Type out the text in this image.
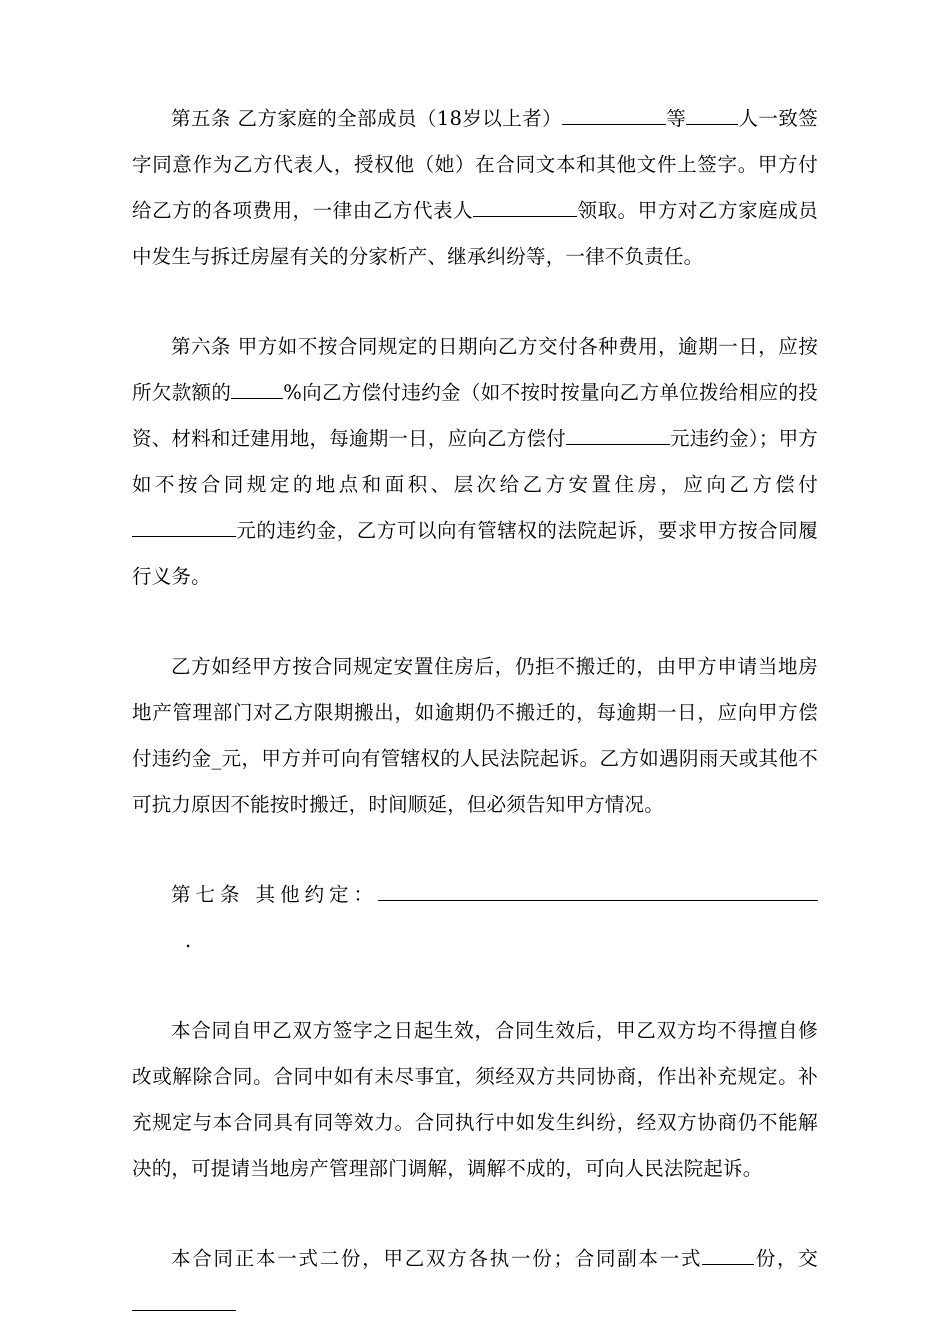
第五条 乙方家庭的全部成员（18岁以上者）	等	人一致签字同意作为乙方代表人，授权他（她）在合同文本和其他文件上签字。甲方付给乙方的各项费用，一律由乙方代表人	领取。甲方对乙方家庭成员中发生与拆迁房屋有关的分家析产、继承纠纷等，一律不负责任。

第六条 甲方如不按合同规定的日期向乙方交付各种费用，逾期一日，应按所欠款额的	%向乙方偿付违约金（如不按时按量向乙方单位拨给相应的投资、材料和迁建用地，每逾期一日，应向乙方偿付	元违约金）；甲方如不按合同规定的地点和面积、层次给乙方安置住房，应向乙方偿付元的违约金，乙方可以向有管辖权的法院起诉，要求甲方按合同履行义务。

乙方如经甲方按合同规定安置住房后，仍拒不搬迁的，由甲方申请当地房地产管理部门对乙方限期搬出，如逾期仍不搬迁的，每逾期一日，应向甲方偿付违约金_元，甲方并可向有管辖权的人民法院起诉。乙方如遇阴雨天或其他不可抗力原因不能按时搬迁，时间顺延，但必须告知甲方情况。

第七条 其他约定：.

本合同自甲乙双方签字之日起生效，合同生效后，甲乙双方均不得擅自修改或解除合同。合同中如有未尽事宜，须经双方共同协商，作出补充规定。补充规定与本合同具有同等效力。合同执行中如发生纠纷，经双方协商仍不能解决的，可提请当地房产管理部门调解，调解不成的，可向人民法院起诉。

本合同正本一式二份，甲乙双方各执一份；合同副本一式	份，交
